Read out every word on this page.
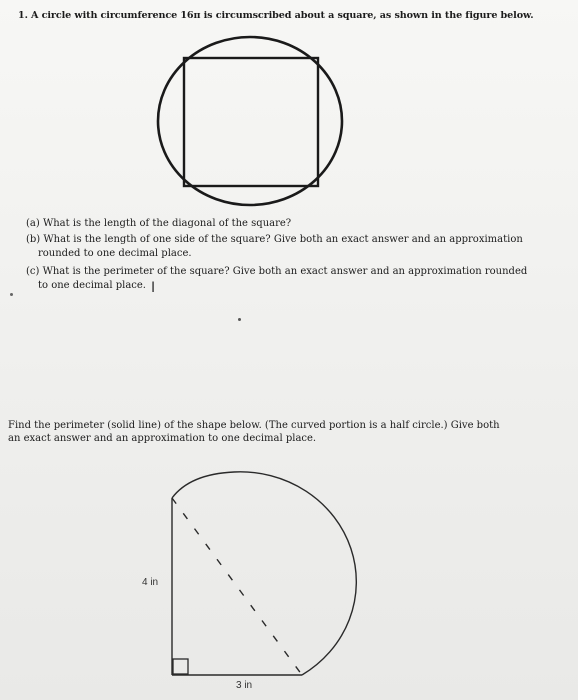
1. A circle with circumference 16π is circumscribed about a square, as shown in the figure below.
(a) What is the length of the diagonal of the square?
(b) What is the length of one side of the square? Give both an exact answer and an approximation
rounded to one decimal place.
(c) What is the perimeter of the square? Give both an exact answer and an approximation rounded
to one decimal place. I
Find the perimeter (solid line) of the shape below. (The curved portion is a half circle.) Give both
an exact answer and an approximation to one decimal place.
4 in
3 in
